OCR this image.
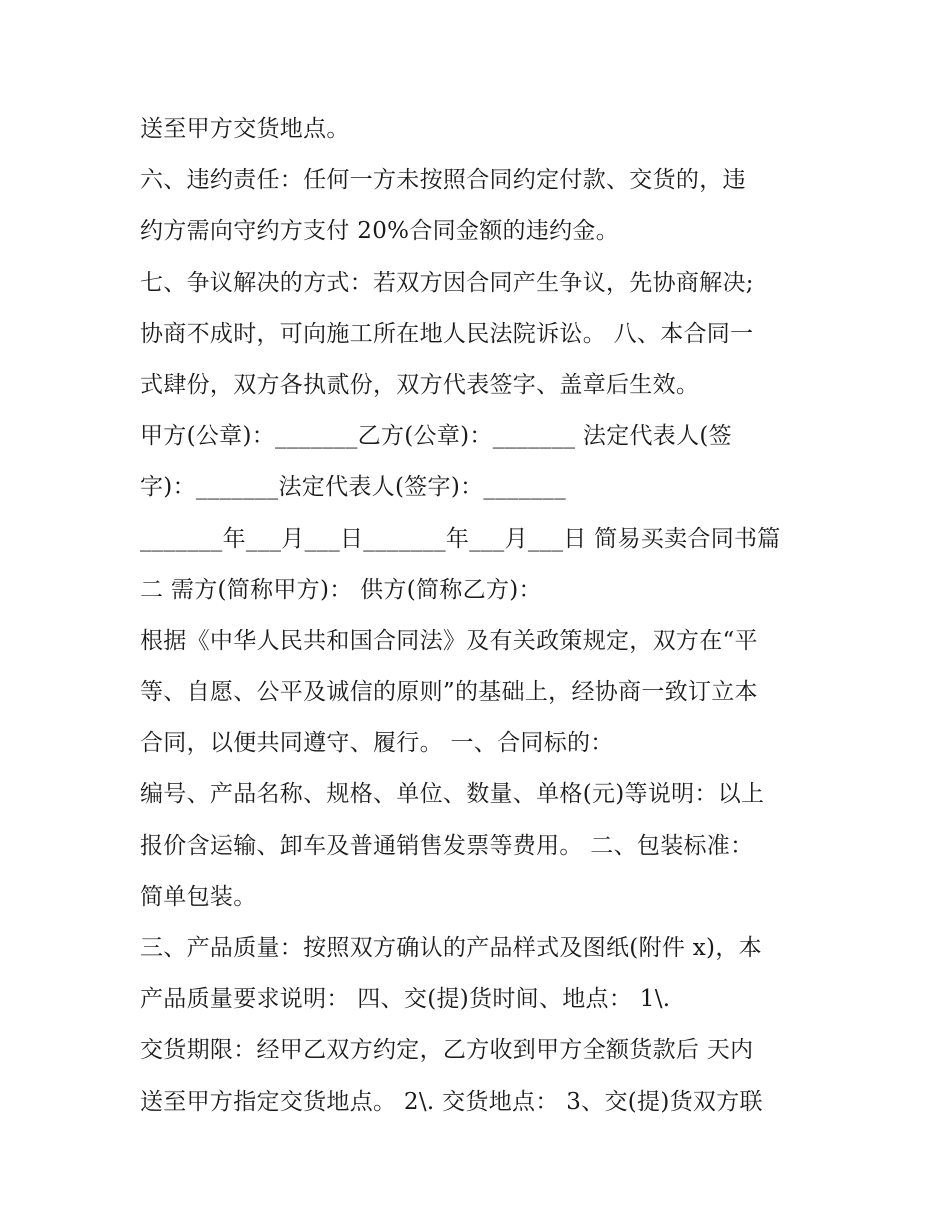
送至甲方交货地点。
六、违约责任：任何一方未按照合同约定付款、交货的，违
约方需向守约方支付 20%合同金额的违约金。
七、争议解决的方式：若双方因合同产生争议，先协商解决;
协商不成时，可向施工所在地人民法院诉讼。 八、本合同一
式肆份，双方各执贰份，双方代表签字、盖章后生效。
甲方(公章)：_______乙方(公章)：_______ 法定代表人(签
字)：_______法定代表人(签字)：_______
_______年___月___日_______年___月___日 简易买卖合同书篇
二 需方(简称甲方)： 供方(简称乙方)：
根据《中华人民共和国合同法》及有关政策规定，双方在“平
等、自愿、公平及诚信的原则”的基础上，经协商一致订立本
合同，以便共同遵守、履行。 一、合同标的：
编号、产品名称、规格、单位、数量、单格(元)等说明：以上
报价含运输、卸车及普通销售发票等费用。 二、包装标准：
简单包装。
三、产品质量：按照双方确认的产品样式及图纸(附件 x)，本
产品质量要求说明： 四、交(提)货时间、地点： 1\.
交货期限：经甲乙双方约定，乙方收到甲方全额货款后 天内
送至甲方指定交货地点。 2\. 交货地点： 3、交(提)货双方联
